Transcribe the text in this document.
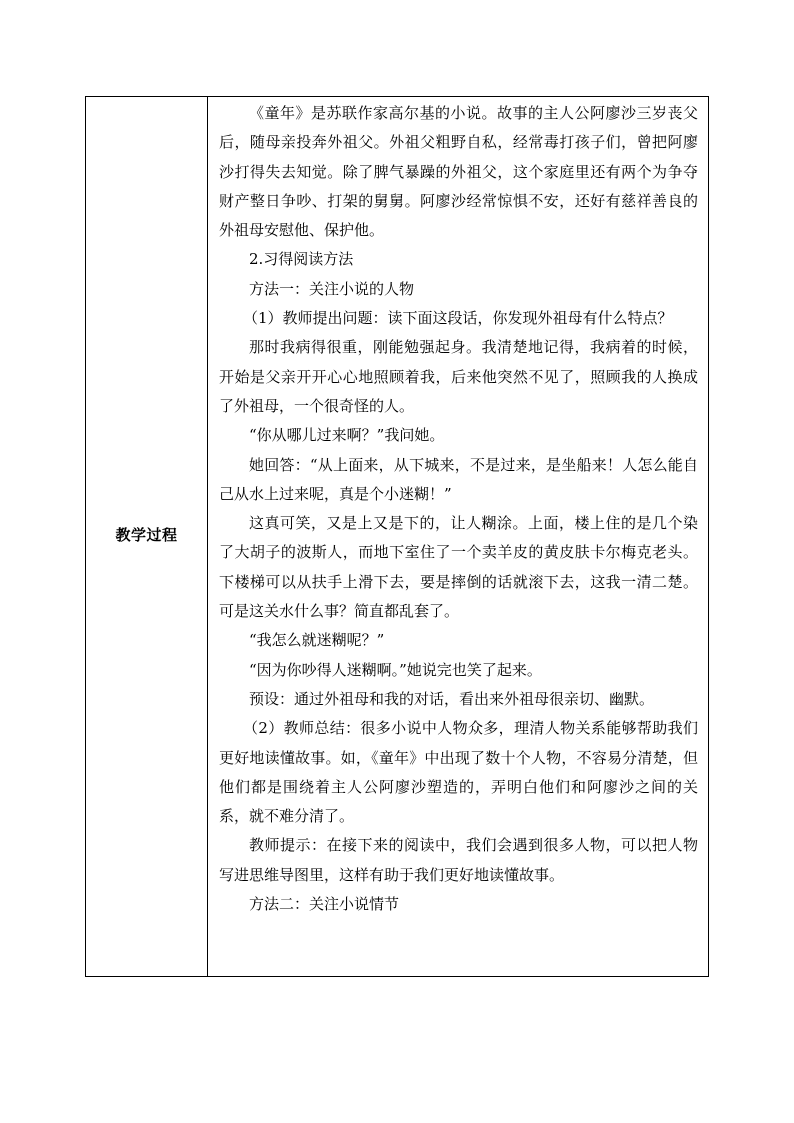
教学过程	

《童年》是苏联作家高尔基的小说。故事的主人公阿廖沙三岁丧父后，随母亲投奔外祖父。外祖父粗野自私，经常毒打孩子们，曾把阿廖沙打得失去知觉。除了脾气暴躁的外祖父，这个家庭里还有两个为争夺财产整日争吵、打架的舅舅。阿廖沙经常惊惧不安，还好有慈祥善良的外祖母安慰他、保护他。

2.习得阅读方法

方法一：关注小说的人物

（1）教师提出问题：读下面这段话，你发现外祖母有什么特点？

那时我病得很重，刚能勉强起身。我清楚地记得，我病着的时候，开始是父亲开开心心地照顾着我，后来他突然不见了，照顾我的人换成了外祖母，一个很奇怪的人。

“你从哪儿过来啊？”我问她。

她回答：“从上面来，从下城来，不是过来，是坐船来！人怎么能自己从水上过来呢，真是个小迷糊！”

这真可笑，又是上又是下的，让人糊涂。上面，楼上住的是几个染了大胡子的波斯人，而地下室住了一个卖羊皮的黄皮肤卡尔梅克老头。下楼梯可以从扶手上滑下去，要是摔倒的话就滚下去，这我一清二楚。可是这关水什么事？简直都乱套了。

“我怎么就迷糊呢？”

“因为你吵得人迷糊啊。”她说完也笑了起来。

预设：通过外祖母和我的对话，看出来外祖母很亲切、幽默。

（2）教师总结：很多小说中人物众多，理清人物关系能够帮助我们更好地读懂故事。如，《童年》中出现了数十个人物，不容易分清楚，但他们都是围绕着主人公阿廖沙塑造的，弄明白他们和阿廖沙之间的关系，就不难分清了。

教师提示：在接下来的阅读中，我们会遇到很多人物，可以把人物写进思维导图里，这样有助于我们更好地读懂故事。

方法二：关注小说情节
